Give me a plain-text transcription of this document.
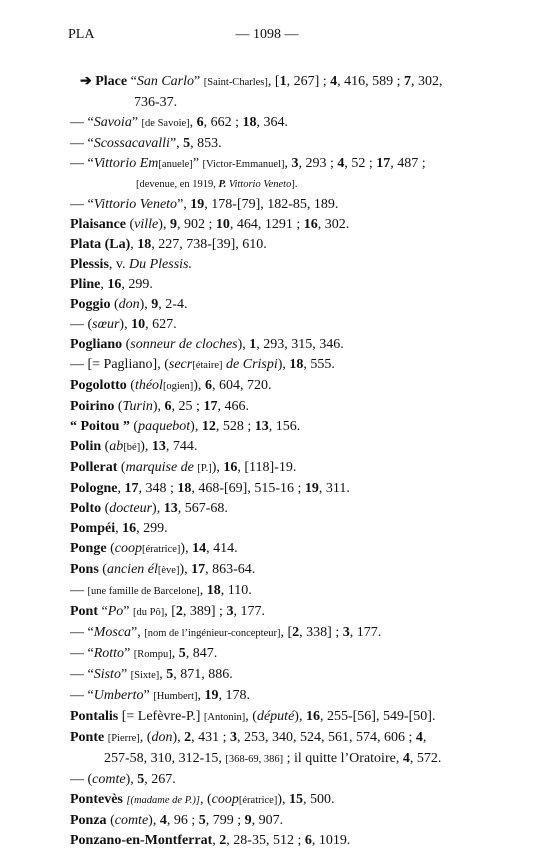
PLA	— 1098 —
➔ Place “San Carlo” [Saint-Charles], [1, 267] ; 4, 416, 589 ; 7, 302,
736-37.
— “Savoia” [de Savoie], 6, 662 ; 18, 364.
— “Scossacavalli”, 5, 853.
— “Vittorio Em[anuele]” [Victor-Emmanuel], 3, 293 ; 4, 52 ; 17, 487 ;
[devenue, en 1919, P. Vittorio Veneto].
— “Vittorio Veneto”, 19, 178-[79], 182-85, 189.
Plaisance (ville), 9, 902 ; 10, 464, 1291 ; 16, 302.
Plata (La), 18, 227, 738-[39], 610.
Plessis, v. Du Plessis.
Pline, 16, 299.
Poggio (don), 9, 2-4.
— (sœur), 10, 627.
Pogliano (sonneur de cloches), 1, 293, 315, 346.
— [= Pagliano], (secr[étaire] de Crispi), 18, 555.
Pogolotto (théol[ogien]), 6, 604, 720.
Poirino (Turin), 6, 25 ; 17, 466.
“ Poitou ” (paquebot), 12, 528 ; 13, 156.
Polin (ab[bé]), 13, 744.
Pollerat (marquise de [P.]), 16, [118]-19.
Pologne, 17, 348 ; 18, 468-[69], 515-16 ; 19, 311.
Polto (docteur), 13, 567-68.
Pompéi, 16, 299.
Ponge (coop[ératrice]), 14, 414.
Pons (ancien él[ève]), 17, 863-64.
— [une famille de Barcelone], 18, 110.
Pont “Po” [du Pô], [2, 389] ; 3, 177.
— “Mosca”, [nom de l’ingénieur-concepteur], [2, 338] ; 3, 177.
— “Rotto” [Rompu], 5, 847.
— “Sisto” [Sixte], 5, 871, 886.
— “Umberto” [Humbert], 19, 178.
Pontalis [= Lefèvre-P.] [Antonin], (député), 16, 255-[56], 549-[50].
Ponte [Pierre], (don), 2, 431 ; 3, 253, 340, 524, 561, 574, 606 ; 4,
257-58, 310, 312-15, [368-69, 386] ; il quitte l’Oratoire, 4, 572.
— (comte), 5, 267.
Pontevès [(madame de P.)], (coop[ératrice]), 15, 500.
Ponza (comte), 4, 96 ; 5, 799 ; 9, 907.
Ponzano-en-Montferrat, 2, 28-35, 512 ; 6, 1019.
